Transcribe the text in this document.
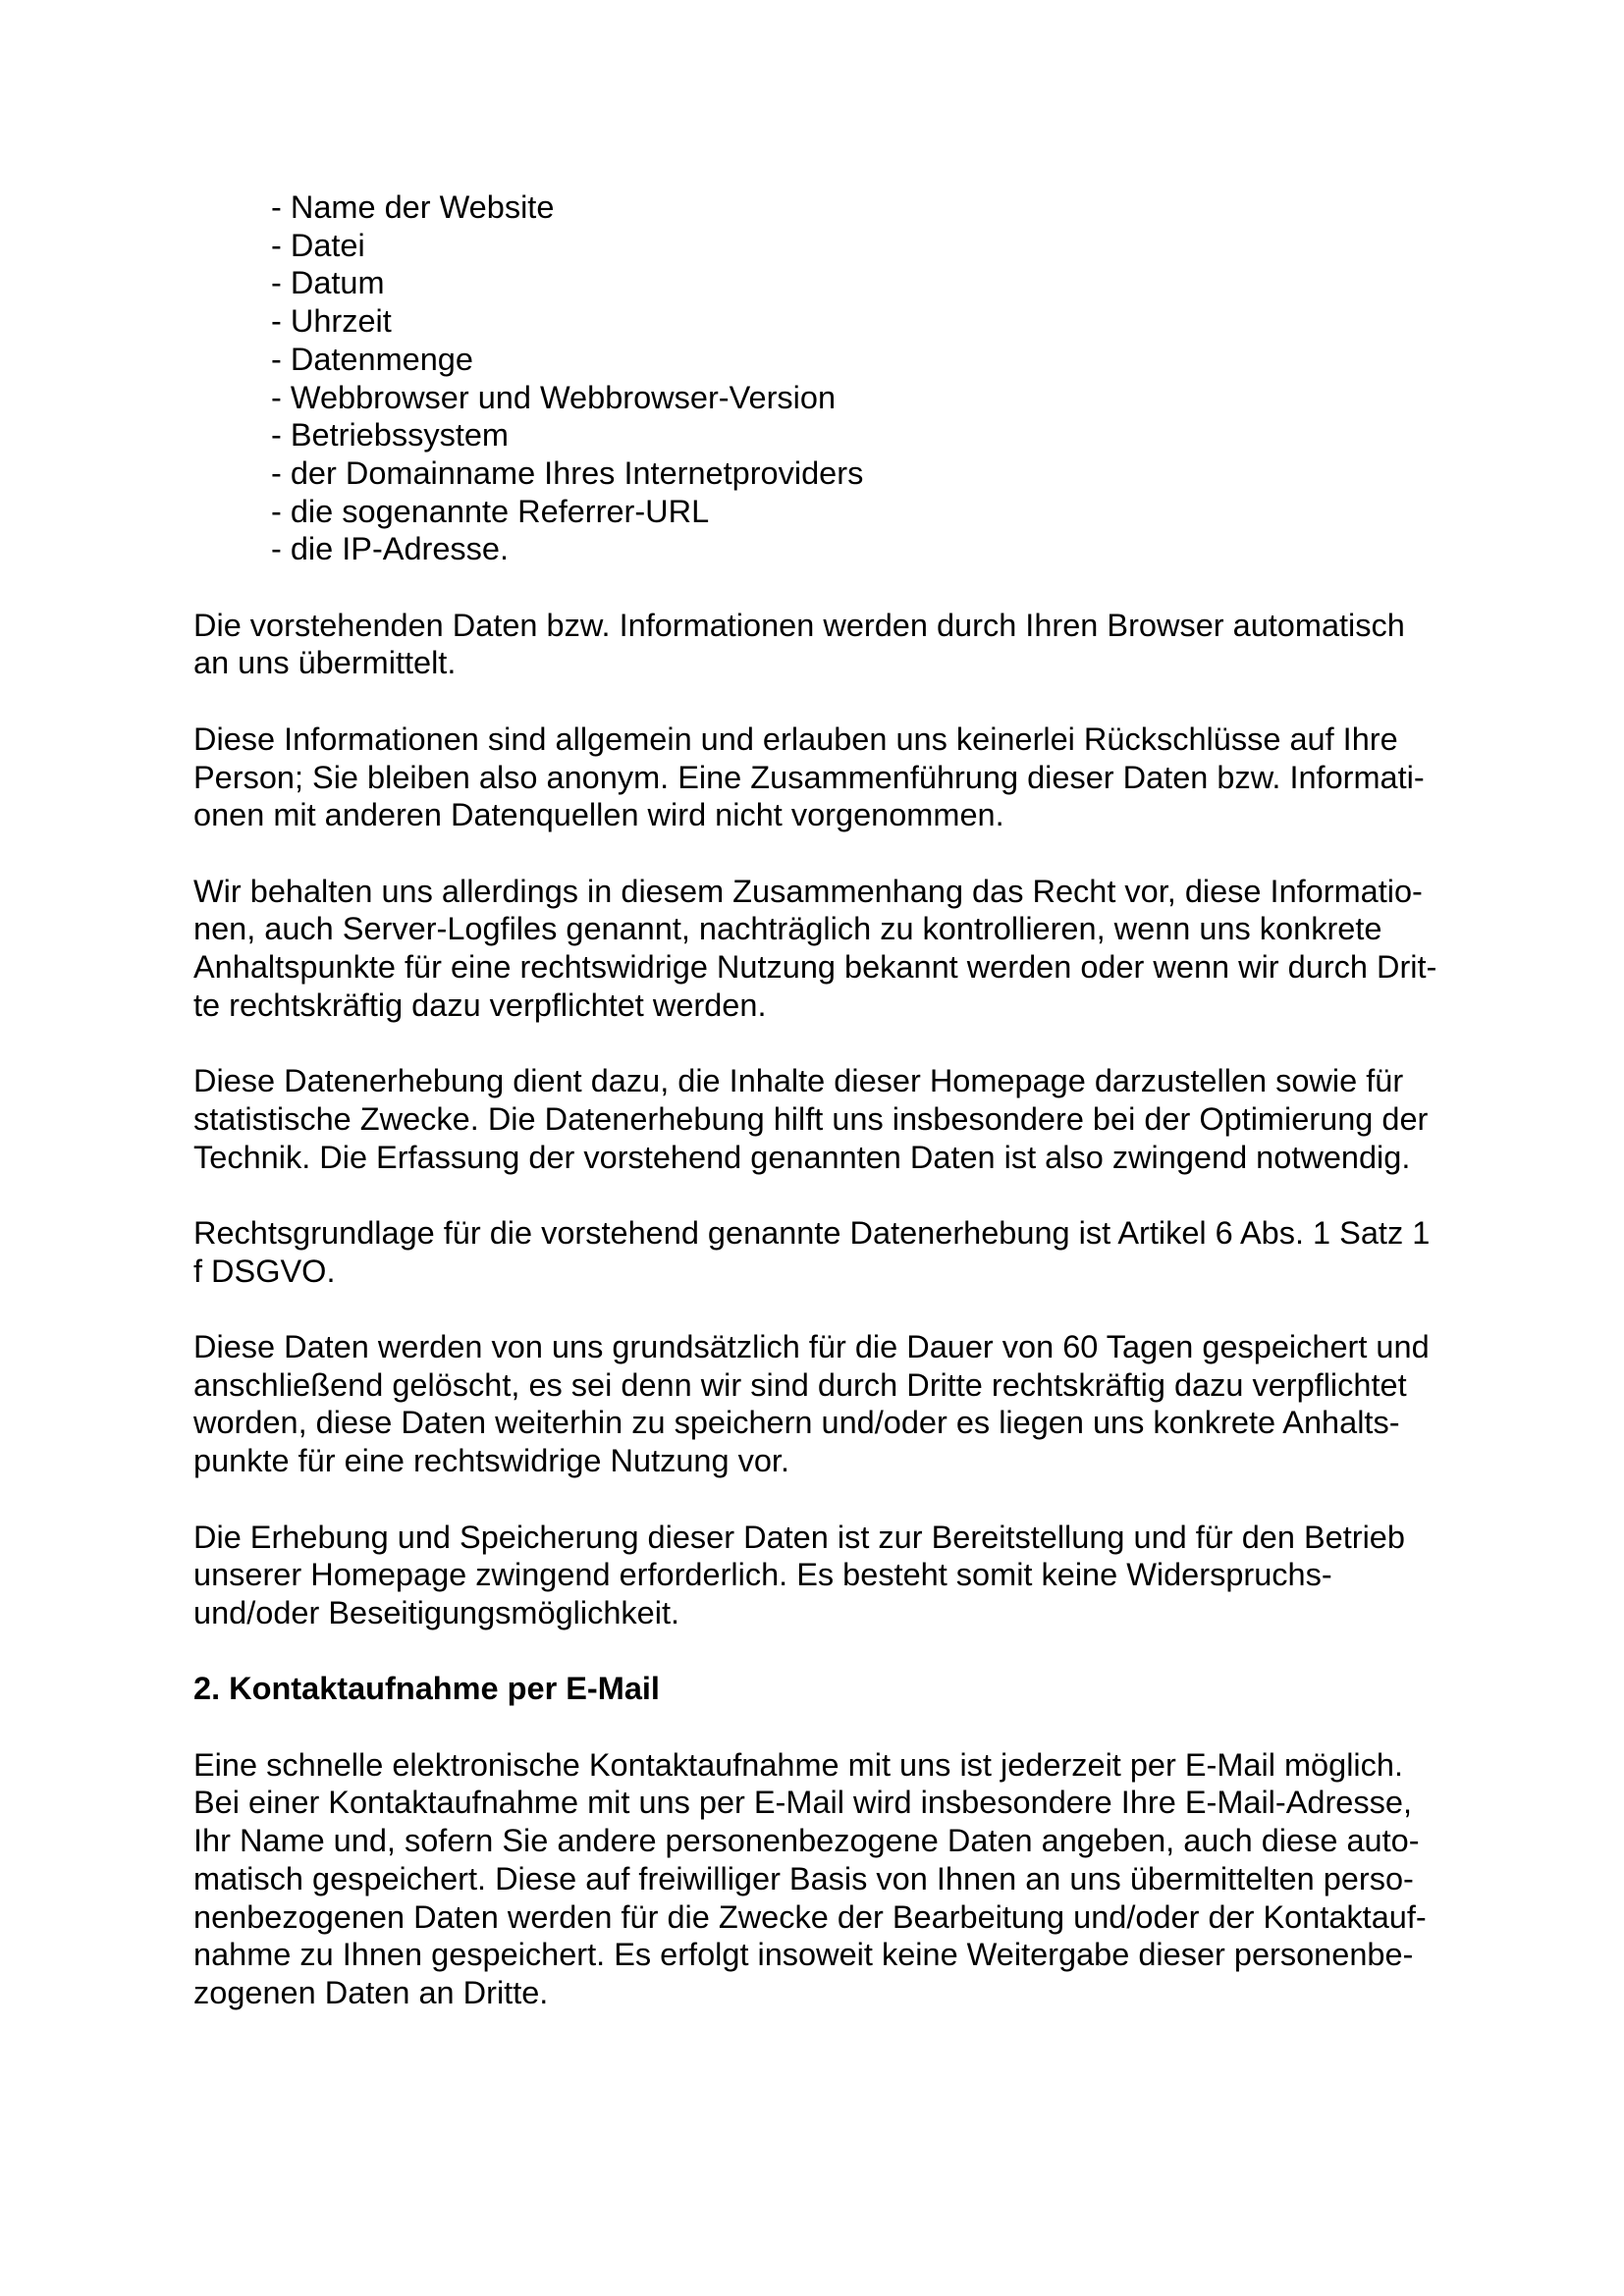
- Name der Website
- Datei
- Datum
- Uhrzeit
- Datenmenge
- Webbrowser und Webbrowser-Version
- Betriebssystem
- der Domainname Ihres Internetproviders
- die sogenannte Referrer-URL
- die IP-Adresse.

Die vorstehenden Daten bzw. Informationen werden durch Ihren Browser automatisch
an uns übermittelt.

Diese Informationen sind allgemein und erlauben uns keinerlei Rückschlüsse auf Ihre
Person; Sie bleiben also anonym. Eine Zusammenführung dieser Daten bzw. Informati-
onen mit anderen Datenquellen wird nicht vorgenommen.

Wir behalten uns allerdings in diesem Zusammenhang das Recht vor, diese Informatio-
nen, auch Server-Logfiles genannt, nachträglich zu kontrollieren, wenn uns konkrete
Anhaltspunkte für eine rechtswidrige Nutzung bekannt werden oder wenn wir durch Drit-
te rechtskräftig dazu verpflichtet werden.

Diese Datenerhebung dient dazu, die Inhalte dieser Homepage darzustellen sowie für
statistische Zwecke. Die Datenerhebung hilft uns insbesondere bei der Optimierung der
Technik. Die Erfassung der vorstehend genannten Daten ist also zwingend notwendig.

Rechtsgrundlage für die vorstehend genannte Datenerhebung ist Artikel 6 Abs. 1 Satz 1
f DSGVO.

Diese Daten werden von uns grundsätzlich für die Dauer von 60 Tagen gespeichert und
anschließend gelöscht, es sei denn wir sind durch Dritte rechtskräftig dazu verpflichtet
worden, diese Daten weiterhin zu speichern und/oder es liegen uns konkrete Anhalts-
punkte für eine rechtswidrige Nutzung vor.

Die Erhebung und Speicherung dieser Daten ist zur Bereitstellung und für den Betrieb
unserer Homepage zwingend erforderlich. Es besteht somit keine Widerspruchs-
und/oder Beseitigungsmöglichkeit.

2. Kontaktaufnahme per E-Mail

Eine schnelle elektronische Kontaktaufnahme mit uns ist jederzeit per E-Mail möglich.
Bei einer Kontaktaufnahme mit uns per E-Mail wird insbesondere Ihre E-Mail-Adresse,
Ihr Name und, sofern Sie andere personenbezogene Daten angeben, auch diese auto-
matisch gespeichert. Diese auf freiwilliger Basis von Ihnen an uns übermittelten perso-
nenbezogenen Daten werden für die Zwecke der Bearbeitung und/oder der Kontaktauf-
nahme zu Ihnen gespeichert. Es erfolgt insoweit keine Weitergabe dieser personenbe-
zogenen Daten an Dritte.
